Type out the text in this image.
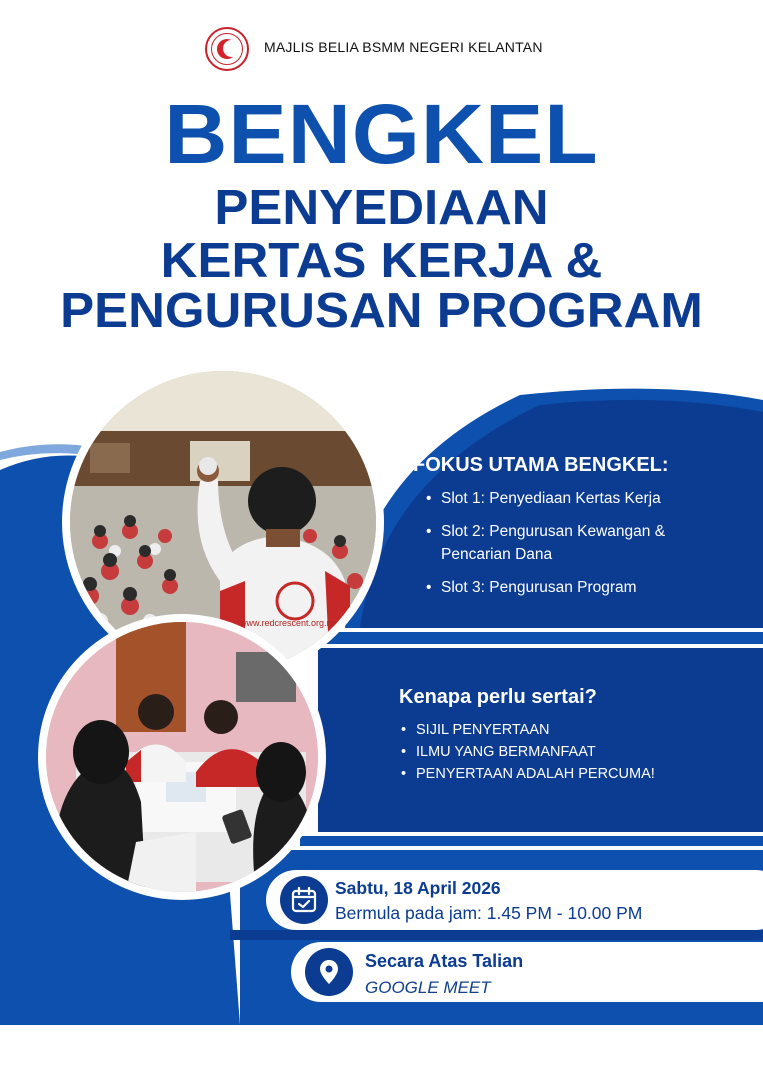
MAJLIS BELIA BSMM NEGERI KELANTAN
BENGKEL
PENYEDIAAN
KERTAS KERJA &
PENGURUSAN PROGRAM
www.redcrescent.org.my
FOKUS UTAMA BENGKEL:
• Slot 1: Penyediaan Kertas Kerja
• Slot 2: Pengurusan Kewangan &
Pencarian Dana
• Slot 3: Pengurusan Program
Kenapa perlu sertai?
• SIJIL PENYERTAAN
• ILMU YANG BERMANFAAT
• PENYERTAAN ADALAH PERCUMA!
Sabtu, 18 April 2026
Bermula pada jam: 1.45 PM - 10.00 PM
Secara Atas Talian
GOOGLE MEET
